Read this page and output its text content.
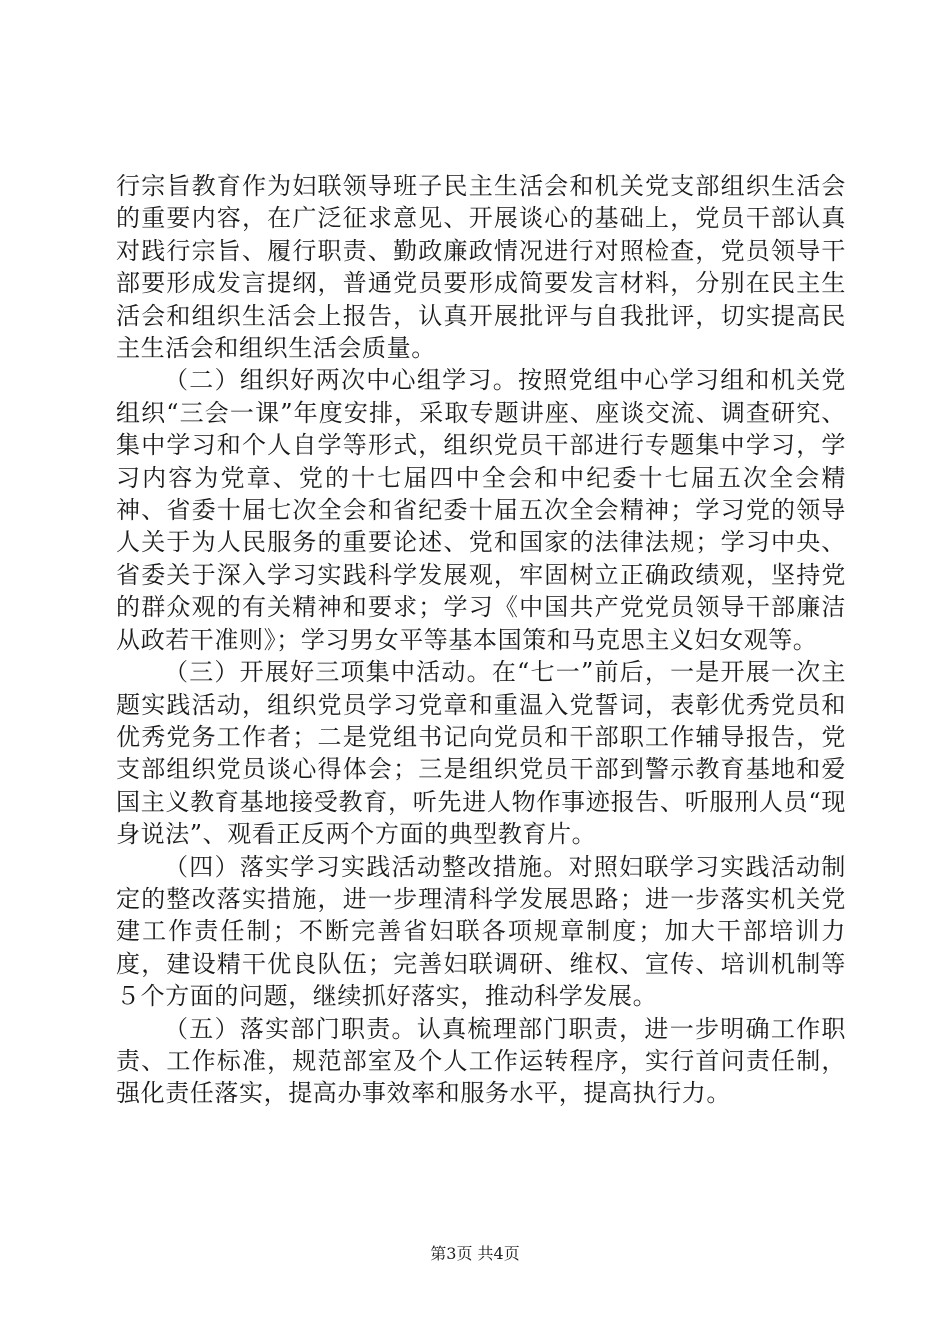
行宗旨教育作为妇联领导班子民主生活会和机关党支部组织生活会的重要内容，在广泛征求意见、开展谈心的基础上，党员干部认真对践行宗旨、履行职责、勤政廉政情况进行对照检查，党员领导干部要形成发言提纲，普通党员要形成简要发言材料，分别在民主生活会和组织生活会上报告，认真开展批评与自我批评，切实提高民主生活会和组织生活会质量。

（二）组织好两次中心组学习。按照党组中心学习组和机关党组织“三会一课”年度安排，采取专题讲座、座谈交流、调查研究、集中学习和个人自学等形式，组织党员干部进行专题集中学习，学习内容为党章、党的十七届四中全会和中纪委十七届五次全会精神、省委十届七次全会和省纪委十届五次全会精神；学习党的领导人关于为人民服务的重要论述、党和国家的法律法规；学习中央、省委关于深入学习实践科学发展观，牢固树立正确政绩观，坚持党的群众观的有关精神和要求；学习《中国共产党党员领导干部廉洁从政若干准则》；学习男女平等基本国策和马克思主义妇女观等。

（三）开展好三项集中活动。在“七一”前后，一是开展一次主题实践活动，组织党员学习党章和重温入党誓词，表彰优秀党员和优秀党务工作者；二是党组书记向党员和干部职工作辅导报告，党支部组织党员谈心得体会；三是组织党员干部到警示教育基地和爱国主义教育基地接受教育，听先进人物作事迹报告、听服刑人员“现身说法”、观看正反两个方面的典型教育片。

（四）落实学习实践活动整改措施。对照妇联学习实践活动制定的整改落实措施，进一步理清科学发展思路；进一步落实机关党建工作责任制；不断完善省妇联各项规章制度；加大干部培训力度，建设精干优良队伍；完善妇联调研、维权、宣传、培训机制等５个方面的问题，继续抓好落实，推动科学发展。

（五）落实部门职责。认真梳理部门职责，进一步明确工作职责、工作标准，规范部室及个人工作运转程序，实行首问责任制，强化责任落实，提高办事效率和服务水平，提高执行力。

第3页 共4页
